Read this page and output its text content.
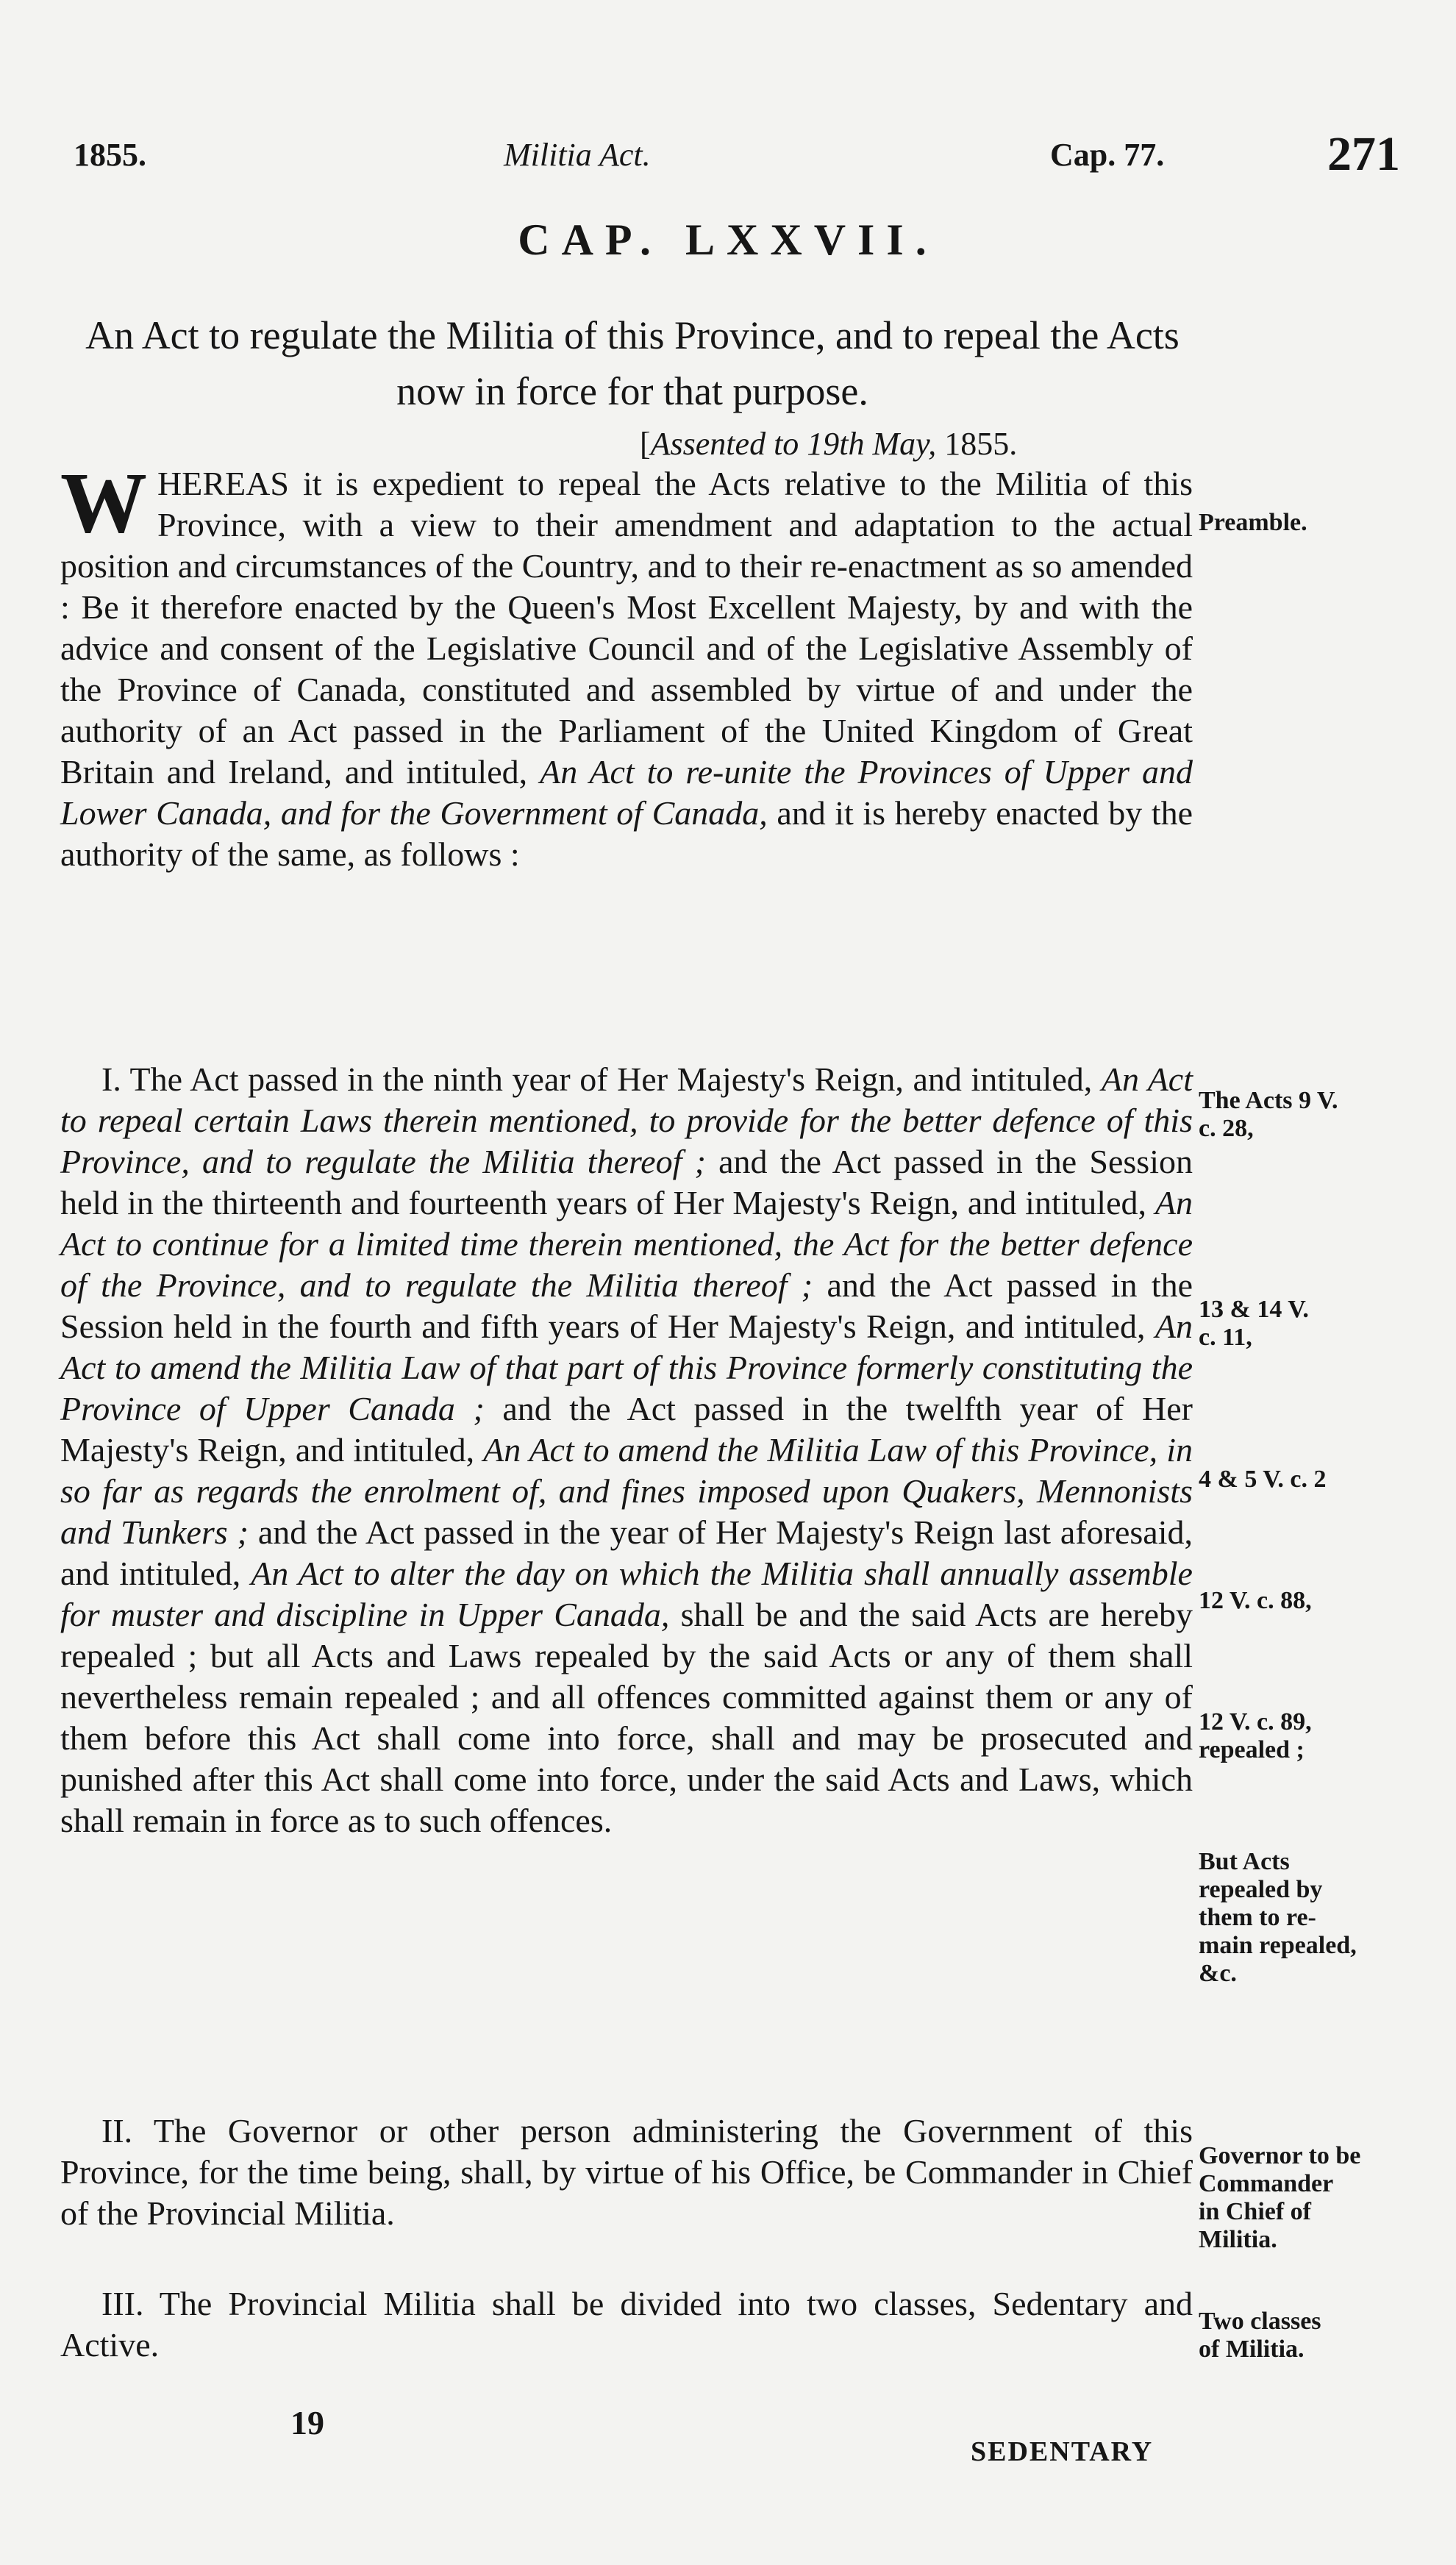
1855.	Militia Act.	Cap. 77.	271
CAP. LXXVII.
An Act to regulate the Militia of this Province, and to repeal the Acts now in force for that purpose.
[Assented to 19th May, 1855.
WHEREAS it is expedient to repeal the Acts relative to the Militia of this Province, with a view to their amendment and adaptation to the actual position and circumstances of the Country, and to their re-enactment as so amended : Be it therefore enacted by the Queen's Most Excellent Majesty, by and with the advice and consent of the Legislative Council and of the Legislative Assembly of the Province of Canada, constituted and assembled by virtue of and under the authority of an Act passed in the Parliament of the United Kingdom of Great Britain and Ireland, and intituled, An Act to re-unite the Provinces of Upper and Lower Canada, and for the Government of Canada, and it is hereby enacted by the authority of the same, as follows :
I. The Act passed in the ninth year of Her Majesty's Reign, and intituled, An Act to repeal certain Laws therein mentioned, to provide for the better defence of this Province, and to regulate the Militia thereof ; and the Act passed in the Session held in the thirteenth and fourteenth years of Her Majesty's Reign, and intituled, An Act to continue for a limited time therein mentioned, the Act for the better defence of the Province, and to regulate the Militia thereof ; and the Act passed in the Session held in the fourth and fifth years of Her Majesty's Reign, and intituled, An Act to amend the Militia Law of that part of this Province formerly constituting the Province of Upper Canada ; and the Act passed in the twelfth year of Her Majesty's Reign, and intituled, An Act to amend the Militia Law of this Province, in so far as regards the enrolment of, and fines imposed upon Quakers, Mennonists and Tunkers ; and the Act passed in the year of Her Majesty's Reign last aforesaid, and intituled, An Act to alter the day on which the Militia shall annually assemble for muster and discipline in Upper Canada, shall be and the said Acts are hereby repealed ; but all Acts and Laws repealed by the said Acts or any of them shall nevertheless remain repealed ; and all offences committed against them or any of them before this Act shall come into force, shall and may be prosecuted and punished after this Act shall come into force, under the said Acts and Laws, which shall remain in force as to such offences.
II. The Governor or other person administering the Government of this Province, for the time being, shall, by virtue of his Office, be Commander in Chief of the Provincial Militia.
III. The Provincial Militia shall be divided into two classes, Sedentary and Active.
Preamble.
The Acts 9 V.
c. 28,
13 & 14 V.
c. 11,
4 & 5 V. c. 2
12 V. c. 88,
12 V. c. 89,
repealed ;
But Acts
repealed by
them to re-
main repealed,
&c.
Governor to be
Commander
in Chief of
Militia.
Two classes
of Militia.
19
SEDENTARY
